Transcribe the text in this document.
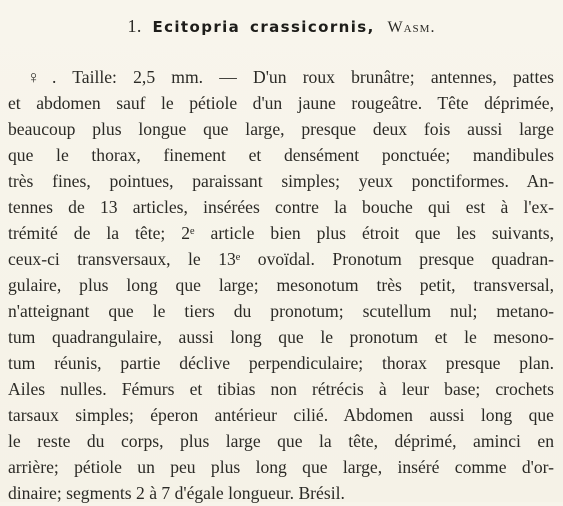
1. Ecitopria crassicornis, Wasm.
♀. Taille: 2,5 mm. — D'un roux brunâtre; antennes, pattes
et abdomen sauf le pétiole d'un jaune rougeâtre. Tête déprimée,
beaucoup plus longue que large, presque deux fois aussi large
que le thorax, finement et densément ponctuée; mandibules
très fines, pointues, paraissant simples; yeux ponctiformes. An-
tennes de 13 articles, insérées contre la bouche qui est à l'ex-
trémité de la tête; 2ᵉ article bien plus étroit que les suivants,
ceux-ci transversaux, le 13ᵉ ovoïdal. Pronotum presque quadran-
gulaire, plus long que large; mesonotum très petit, transversal,
n'atteignant que le tiers du pronotum; scutellum nul; metano-
tum quadrangulaire, aussi long que le pronotum et le mesono-
tum réunis, partie déclive perpendiculaire; thorax presque plan.
Ailes nulles. Fémurs et tibias non rétrécis à leur base; crochets
tarsaux simples; éperon antérieur cilié. Abdomen aussi long que
le reste du corps, plus large que la tête, déprimé, aminci en
arrière; pétiole un peu plus long que large, inséré comme d'or-
dinaire; segments 2 à 7 d'égale longueur. Brésil.
